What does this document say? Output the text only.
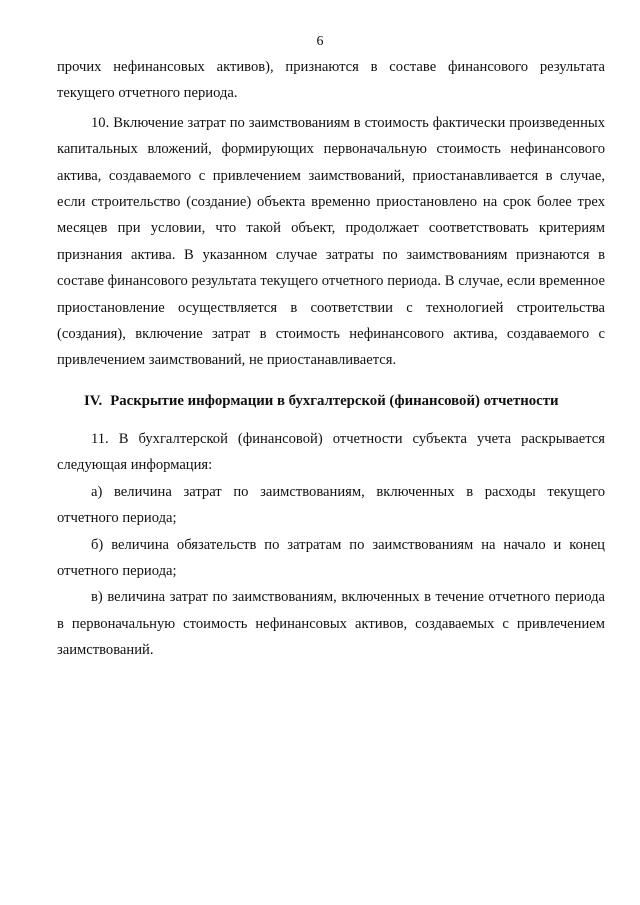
6

прочих нефинансовых активов), признаются в составе финансового результата текущего отчетного периода.

10. Включение затрат по заимствованиям в стоимость фактически произведенных капитальных вложений, формирующих первоначальную стоимость нефинансового актива, создаваемого с привлечением заимствований, приостанавливается в случае, если строительство (создание) объекта временно приостановлено на срок более трех месяцев при условии, что такой объект, продолжает соответствовать критериям признания актива. В указанном случае затраты по заимствованиям признаются в составе финансового результата текущего отчетного периода. В случае, если временное приостановление осуществляется в соответствии с технологией строительства (создания), включение затрат в стоимость нефинансового актива, создаваемого с привлечением заимствований, не приостанавливается.

IV. Раскрытие информации в бухгалтерской (финансовой) отчетности

11. В бухгалтерской (финансовой) отчетности субъекта учета раскрывается следующая информация:

а) величина затрат по заимствованиям, включенных в расходы текущего отчетного периода;

б) величина обязательств по затратам по заимствованиям на начало и конец отчетного периода;

в) величина затрат по заимствованиям, включенных в течение отчетного периода в первоначальную стоимость нефинансовых активов, создаваемых с привлечением заимствований.
